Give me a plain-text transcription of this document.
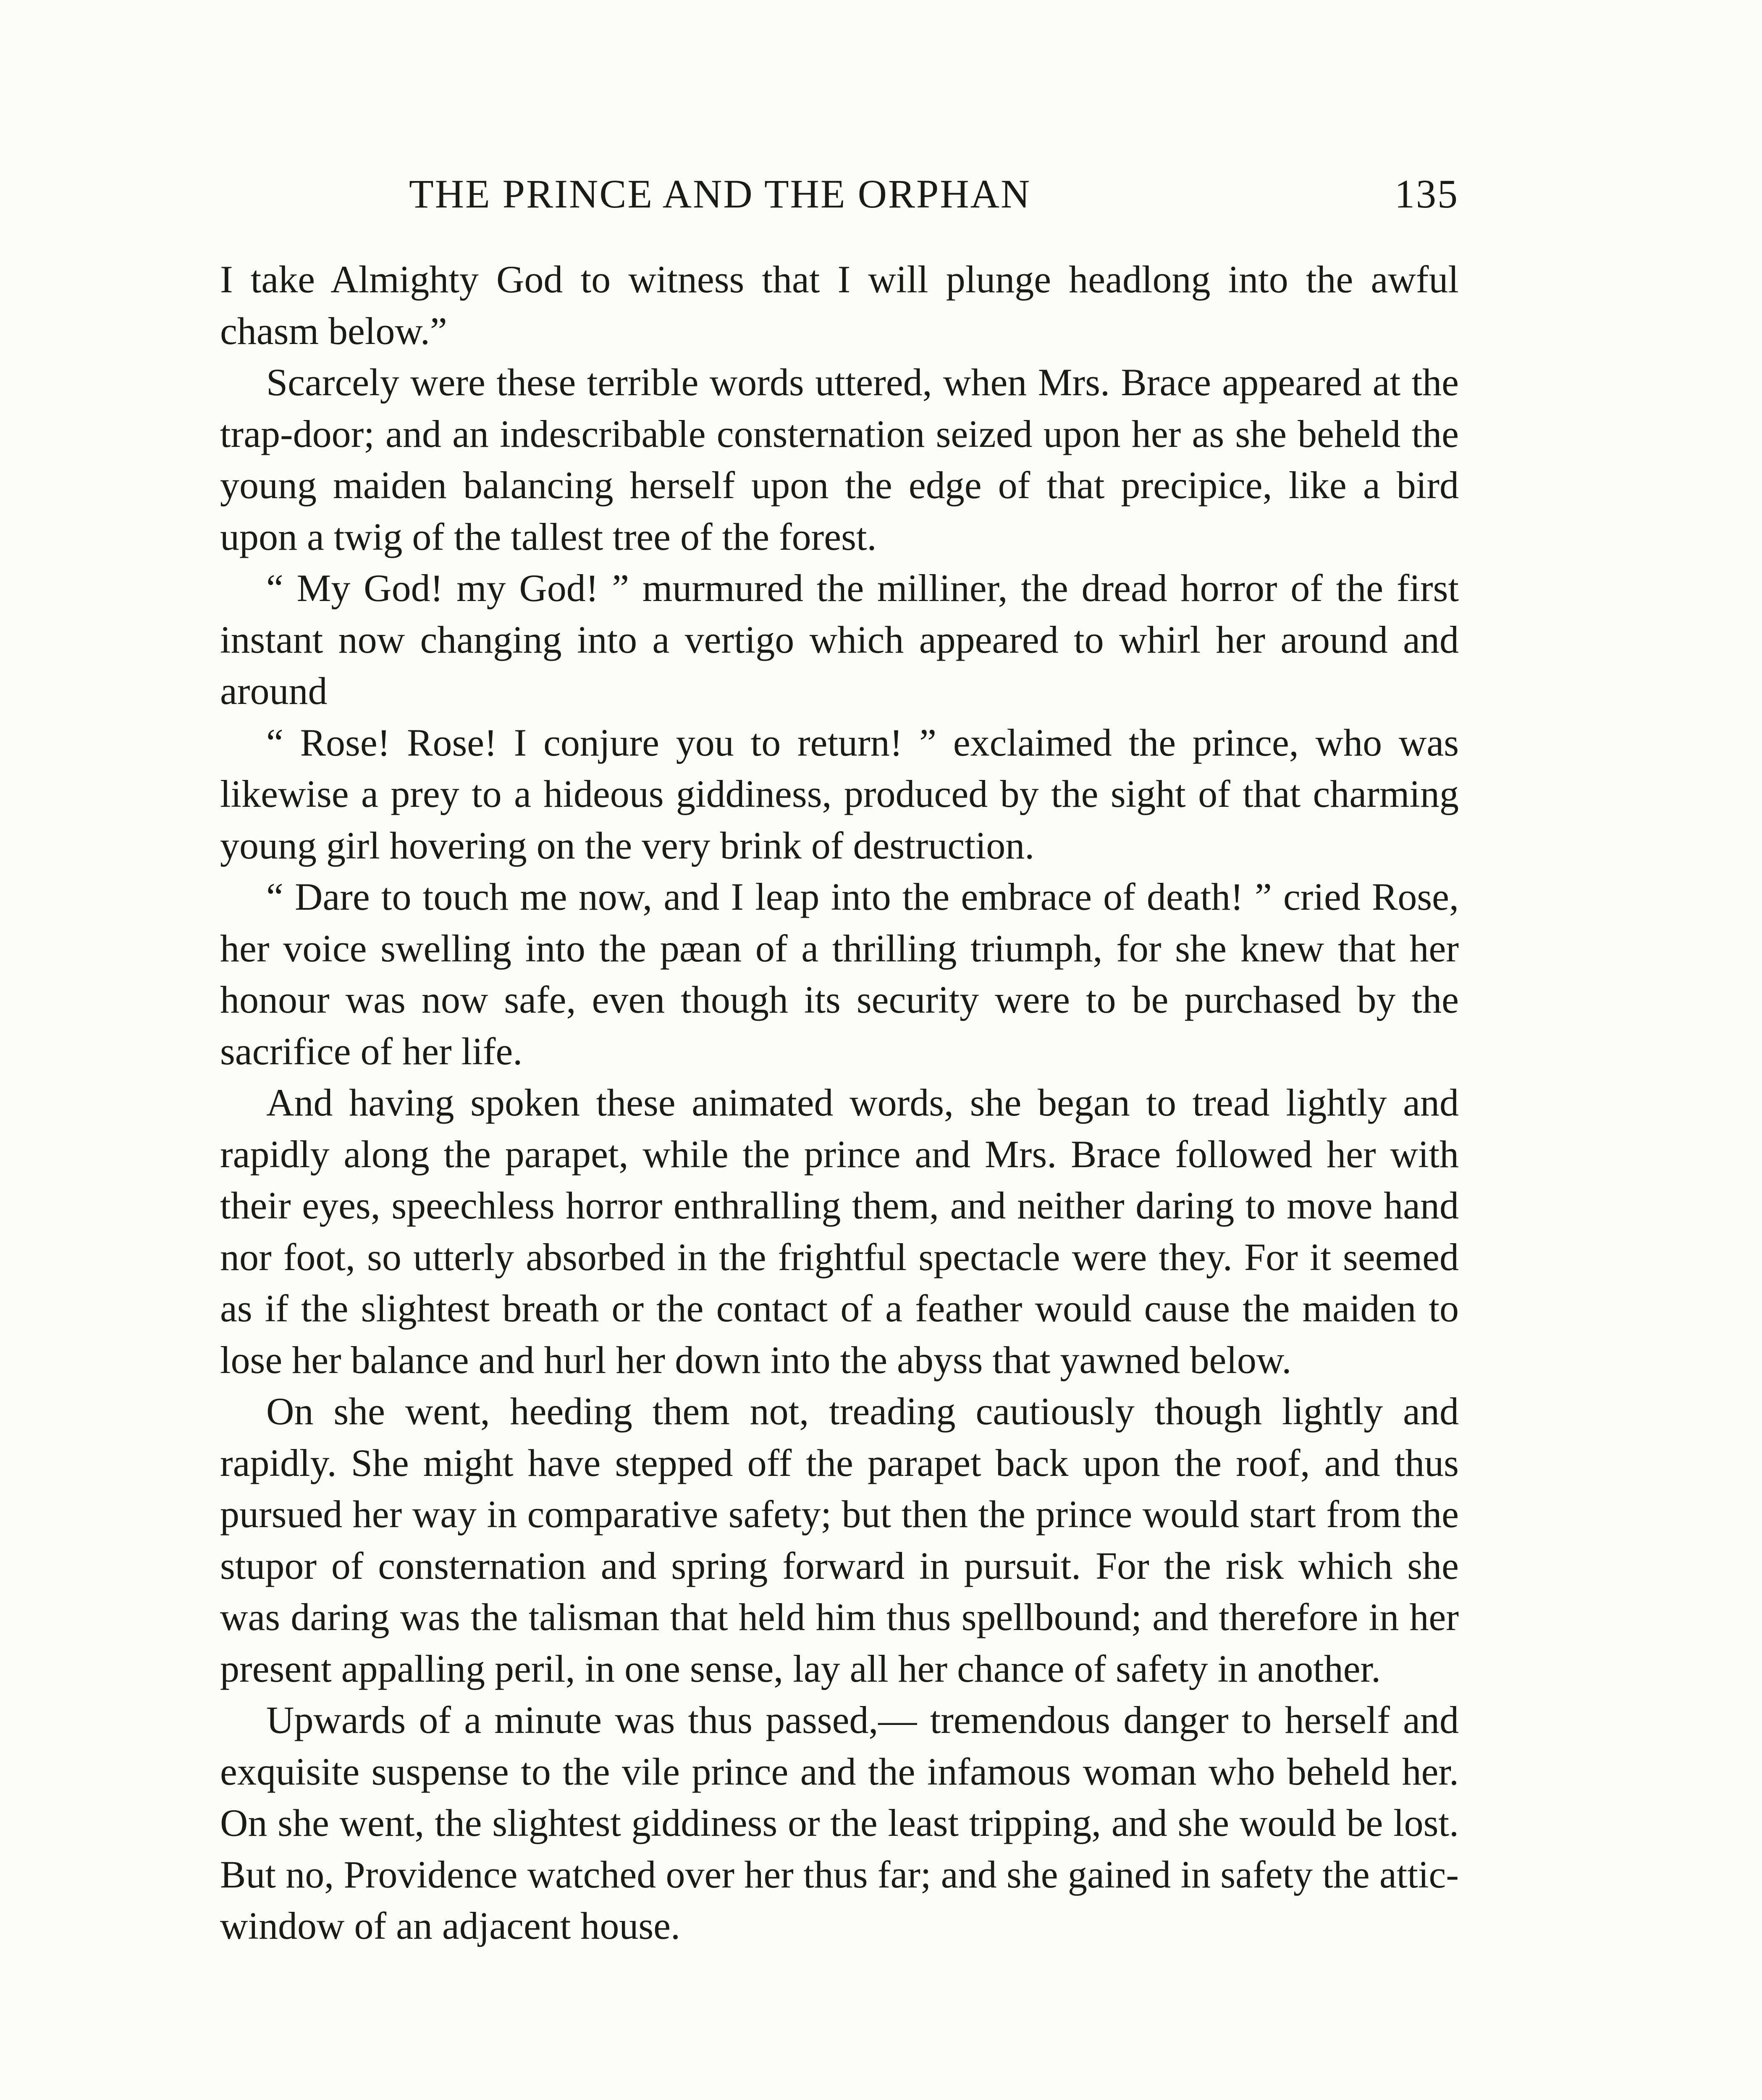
THE PRINCE AND THE ORPHAN	135

I take Almighty God to witness that I will plunge headlong into the awful chasm below.”

Scarcely were these terrible words uttered, when Mrs. Brace appeared at the trap-door; and an indescribable consternation seized upon her as she beheld the young maiden balancing herself upon the edge of that precipice, like a bird upon a twig of the tallest tree of the forest.

“ My God! my God! ” murmured the milliner, the dread horror of the first instant now changing into a vertigo which appeared to whirl her around and around

“ Rose! Rose! I conjure you to return! ” exclaimed the prince, who was likewise a prey to a hideous giddiness, produced by the sight of that charming young girl hovering on the very brink of destruction.

“ Dare to touch me now, and I leap into the embrace of death! ” cried Rose, her voice swelling into the pæan of a thrilling triumph, for she knew that her honour was now safe, even though its security were to be purchased by the sacrifice of her life.

And having spoken these animated words, she began to tread lightly and rapidly along the parapet, while the prince and Mrs. Brace followed her with their eyes, speechless horror enthralling them, and neither daring to move hand nor foot, so utterly absorbed in the frightful spectacle were they. For it seemed as if the slightest breath or the contact of a feather would cause the maiden to lose her balance and hurl her down into the abyss that yawned below.

On she went, heeding them not, treading cautiously though lightly and rapidly. She might have stepped off the parapet back upon the roof, and thus pursued her way in comparative safety; but then the prince would start from the stupor of consternation and spring forward in pursuit. For the risk which she was daring was the talisman that held him thus spellbound; and therefore in her present appalling peril, in one sense, lay all her chance of safety in another.

Upwards of a minute was thus passed,— tremendous danger to herself and exquisite suspense to the vile prince and the infamous woman who beheld her. On she went, the slightest giddiness or the least tripping, and she would be lost. But no, Providence watched over her thus far; and she gained in safety the attic-window of an adjacent house.
